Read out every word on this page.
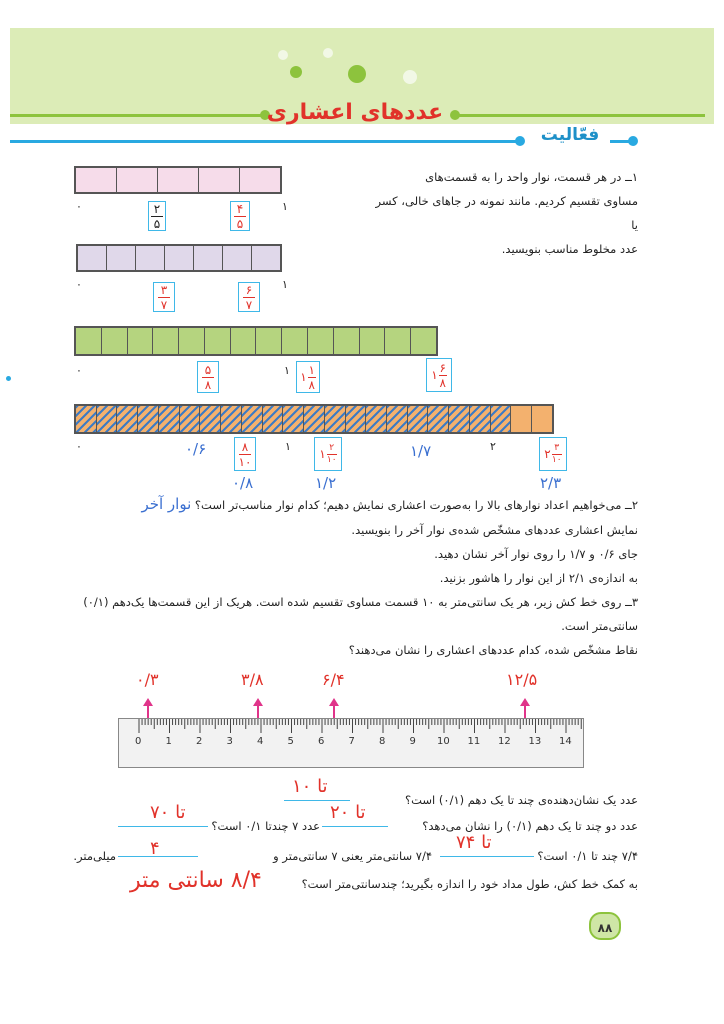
عددهای اعشاری
فعّالیت
۱ــ در هر قسمت، نوار واحد را به قسمت‌های
مساوی تقسیم کردیم. مانند نمونه در جاهای خالی، کسر یا
عدد مخلوط مناسب بنویسید.
۰	۱
۲
۵
۴
۵
۰	۱
۳
۷
۶
۷
۰	۱
۵
۸
۱ $\frac{۱}{۸}$	۱ $\frac{۶}{۸}$
۰	۱	۲
۰/۶	۸
۱۰
۱ $\frac{۲}{۱۰}$	۱/۷	۲ $\frac{۳}{۱۰}$
۰/۸	۱/۲	۲/۳
۲ــ می‌خواهیم اعداد نوارهای بالا را به‌صورت اعشاری نمایش دهیم؛ کدام نوار مناسب‌تر است؟ نوار آخر
نمایش اعشاری عددهای مشخّص شده‌ی نوار آخر را بنویسید.
جای ۰/۶ و ۱/۷ را روی نوار آخر نشان دهید.
به اندازه‌ی ۲/۱ از این نوار را هاشور بزنید.
۳ــ روی خط کش زیر، هر یک سانتی‌متر به ۱۰ قسمت مساوی تقسیم شده است. هریک از این قسمت‌ها یک‌دهم (۰/۱)
سانتی‌متر است.
نقاط مشخّص شده، کدام عددهای اعشاری را نشان می‌دهند؟
۰/۳	۳/۸	۶/۴	۱۲/۵
0 1 2 3 4 5 6 7 8 9 10 11 12 13 14
عدد یک نشان‌دهنده‌ی چند تا یک دهم (۰/۱) است؟
۱۰ تا
عدد دو چند تا یک دهم (۰/۱) را نشان می‌دهد؟
۲۰ تا
عدد ۷ چند‌تا ۰/۱ است؟
۷۰ تا
۷/۴ چند تا ۰/۱ است؟
۷۴ تا
۷/۴ سانتی‌متر یعنی ۷ سانتی‌متر و
۴
میلی‌متر.
به کمک خط کش، طول مداد خود را اندازه بگیرید؛ چندسانتی‌متر است؟
۸/۴ سانتی متر
۸۸
